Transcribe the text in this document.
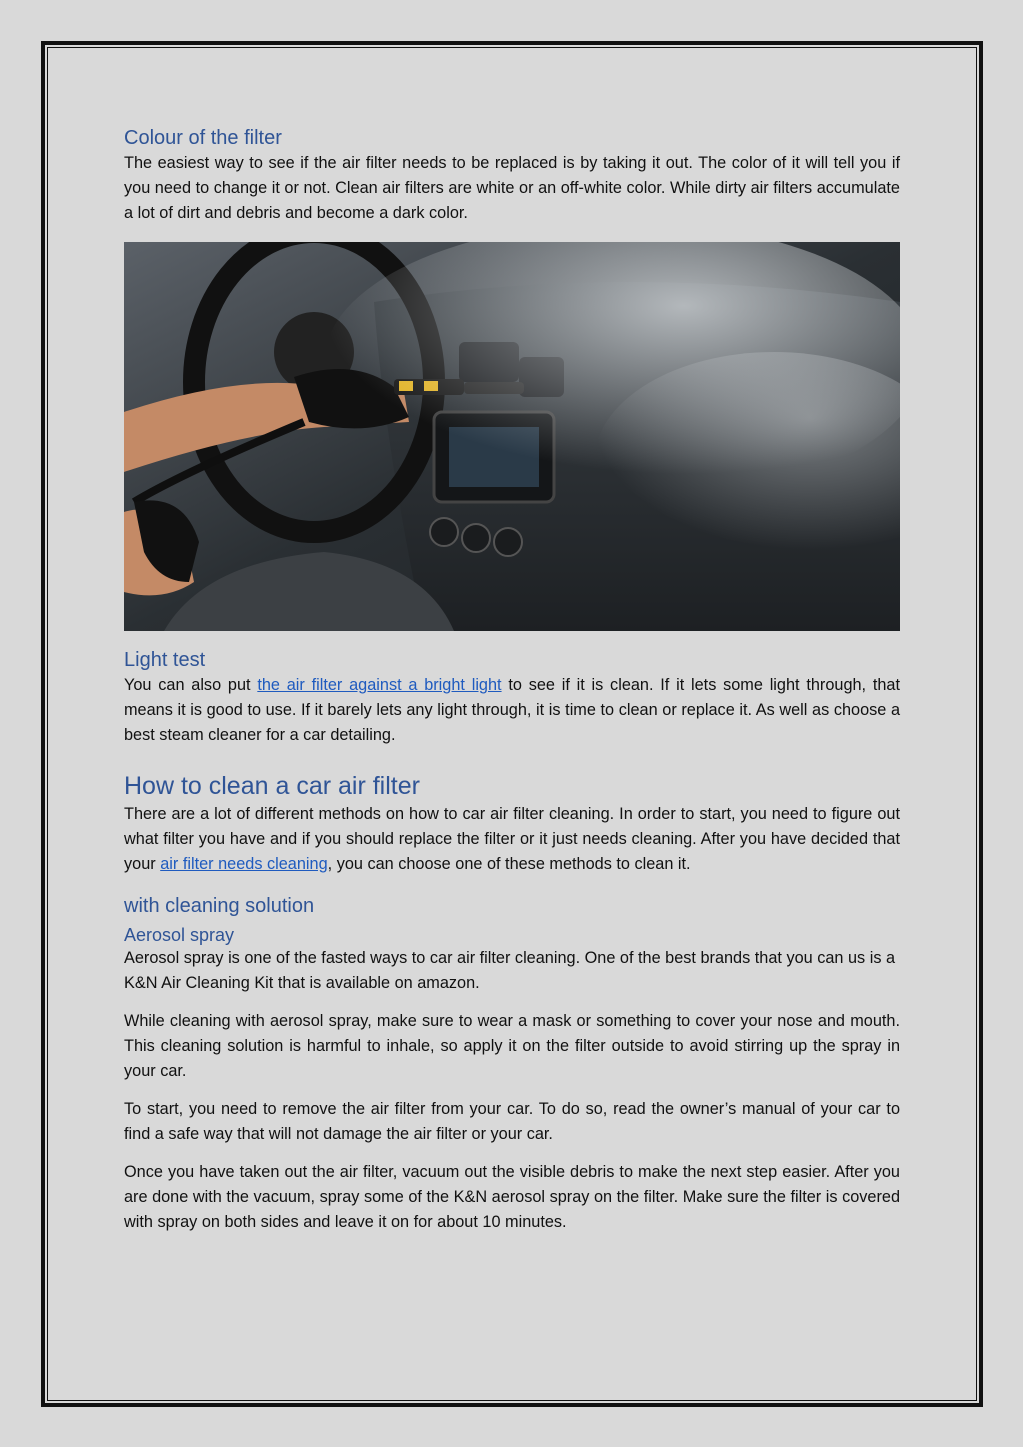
Colour of the filter

The easiest way to see if the air filter needs to be replaced is by taking it out. The color of it will tell you if you need to change it or not. Clean air filters are white or an off-white color. While dirty air filters accumulate a lot of dirt and debris and become a dark color.

Light test

You can also put the air filter against a bright light to see if it is clean. If it lets some light through, that means it is good to use. If it barely lets any light through, it is time to clean or replace it. As well as choose a best steam cleaner for a car detailing.

How to clean a car air filter

There are a lot of different methods on how to car air filter cleaning. In order to start, you need to figure out what filter you have and if you should replace the filter or it just needs cleaning. After you have decided that your air filter needs cleaning, you can choose one of these methods to clean it.

with cleaning solution
Aerosol spray

Aerosol spray is one of the fasted ways to car air filter cleaning. One of the best brands that you can us is a K&N Air Cleaning Kit that is available on amazon.

While cleaning with aerosol spray, make sure to wear a mask or something to cover your nose and mouth. This cleaning solution is harmful to inhale, so apply it on the filter outside to avoid stirring up the spray in your car.

To start, you need to remove the air filter from your car. To do so, read the owner’s manual of your car to find a safe way that will not damage the air filter or your car.

Once you have taken out the air filter, vacuum out the visible debris to make the next step easier. After you are done with the vacuum, spray some of the K&N aerosol spray on the filter. Make sure the filter is covered with spray on both sides and leave it on for about 10 minutes.
